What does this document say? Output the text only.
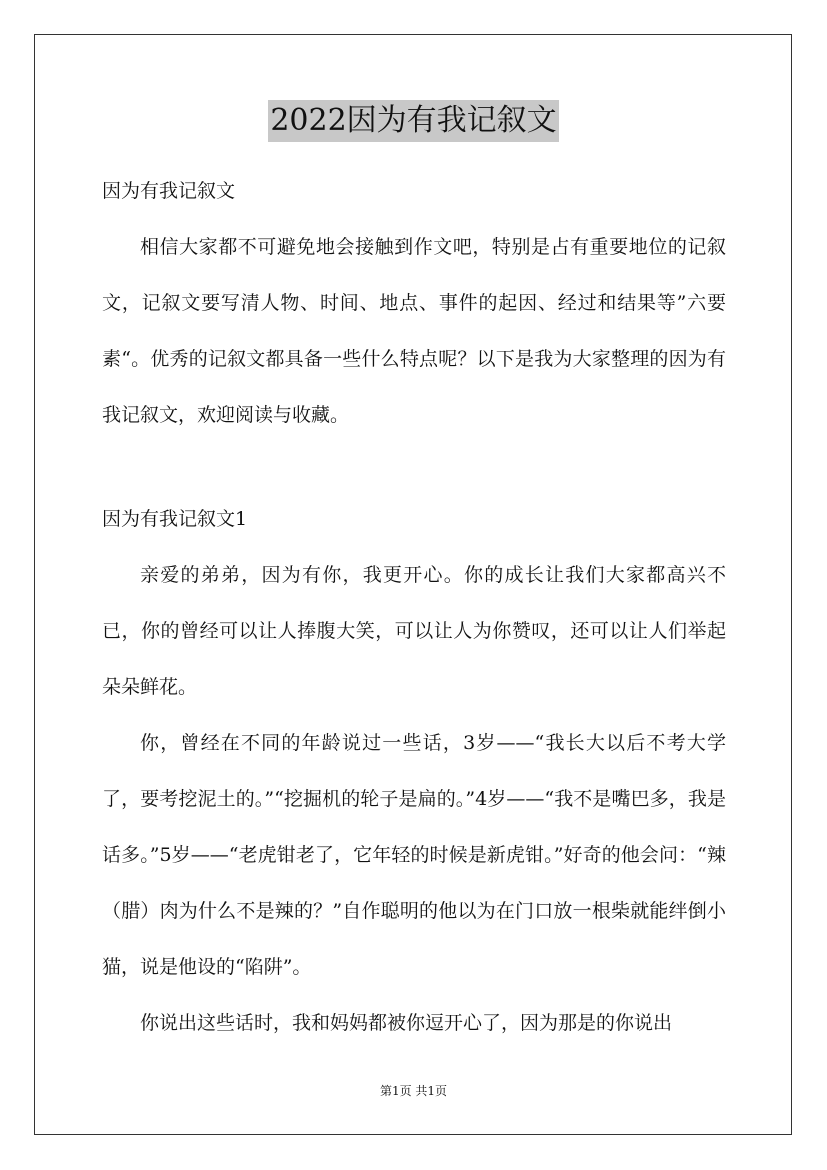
2022因为有我记叙文

因为有我记叙文

相信大家都不可避免地会接触到作文吧，特别是占有重要地位的记叙文，记叙文要写清人物、时间、地点、事件的起因、经过和结果等”六要素“。优秀的记叙文都具备一些什么特点呢？以下是我为大家整理的因为有我记叙文，欢迎阅读与收藏。

因为有我记叙文1

亲爱的弟弟，因为有你，我更开心。你的成长让我们大家都高兴不已，你的曾经可以让人捧腹大笑，可以让人为你赞叹，还可以让人们举起朵朵鲜花。

你，曾经在不同的年龄说过一些话，3岁——“我长大以后不考大学了，要考挖泥土的。”“挖掘机的轮子是扁的。”4岁——“我不是嘴巴多，我是话多。”5岁——“老虎钳老了，它年轻的时候是新虎钳。”好奇的他会问：“辣（腊）肉为什么不是辣的？”自作聪明的他以为在门口放一根柴就能绊倒小猫，说是他设的“陷阱”。

你说出这些话时，我和妈妈都被你逗开心了，因为那是的你说出

第1页 共1页
